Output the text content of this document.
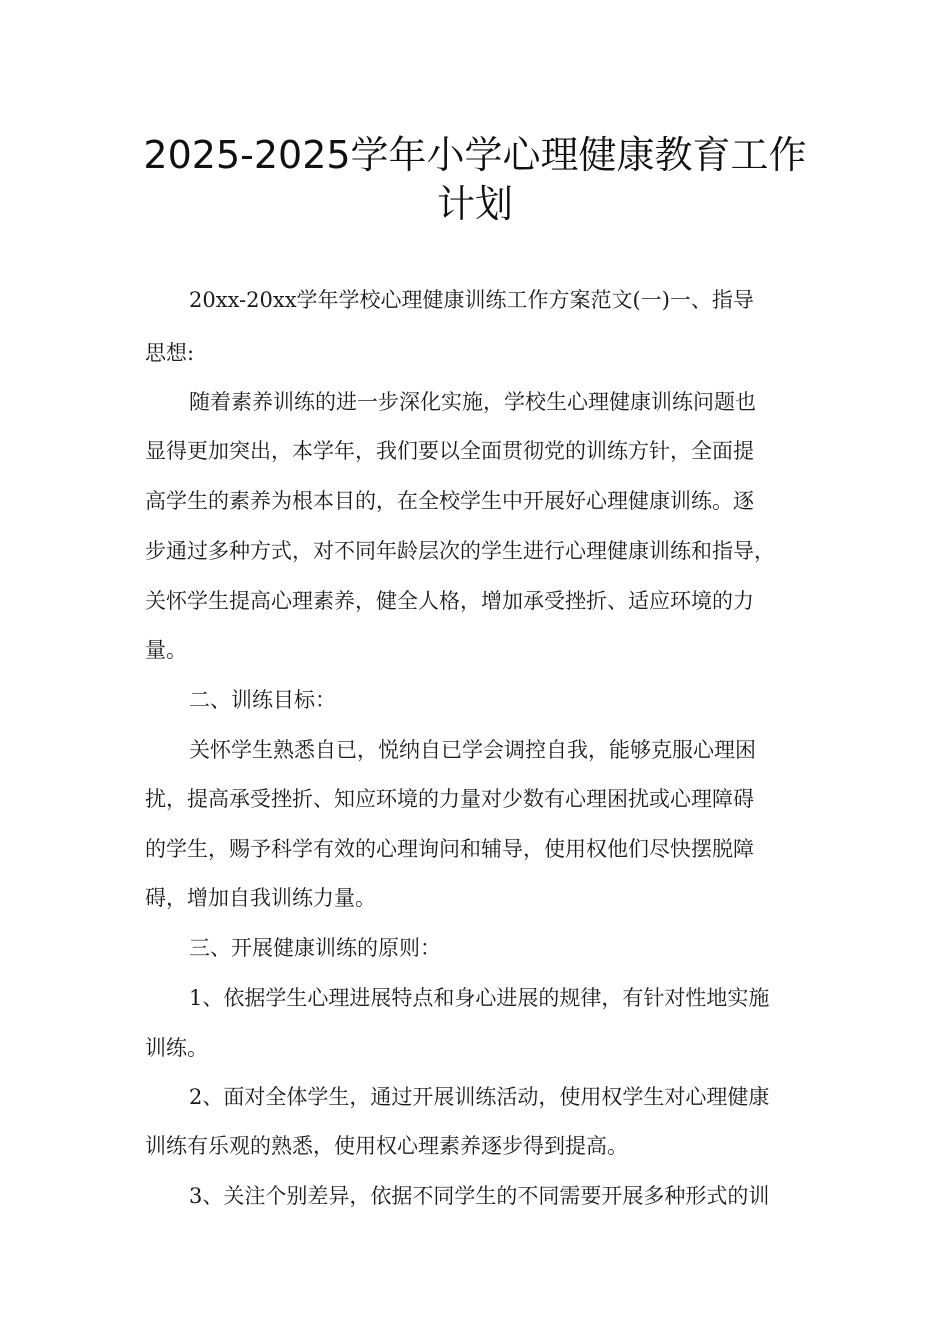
2025-2025学年小学心理健康教育工作
计划
20xx-20xx学年学校心理健康训练工作方案范文(一)一、指导
思想:
随着素养训练的进一步深化实施，学校生心理健康训练问题也
显得更加突出，本学年，我们要以全面贯彻党的训练方针，全面提
高学生的素养为根本目的，在全校学生中开展好心理健康训练。逐
步通过多种方式，对不同年龄层次的学生进行心理健康训练和指导，
关怀学生提高心理素养，健全人格，增加承受挫折、适应环境的力
量。
二、训练目标：
关怀学生熟悉自已，悦纳自已学会调控自我，能够克服心理困
扰，提高承受挫折、知应环境的力量对少数有心理困扰或心理障碍
的学生，赐予科学有效的心理询问和辅导，使用权他们尽快摆脱障
碍，增加自我训练力量。
三、开展健康训练的原则：
1、依据学生心理进展特点和身心进展的规律，有针对性地实施
训练。
2、面对全体学生，通过开展训练活动，使用权学生对心理健康
训练有乐观的熟悉，使用权心理素养逐步得到提高。
3、关注个别差异，依据不同学生的不同需要开展多种形式的训
